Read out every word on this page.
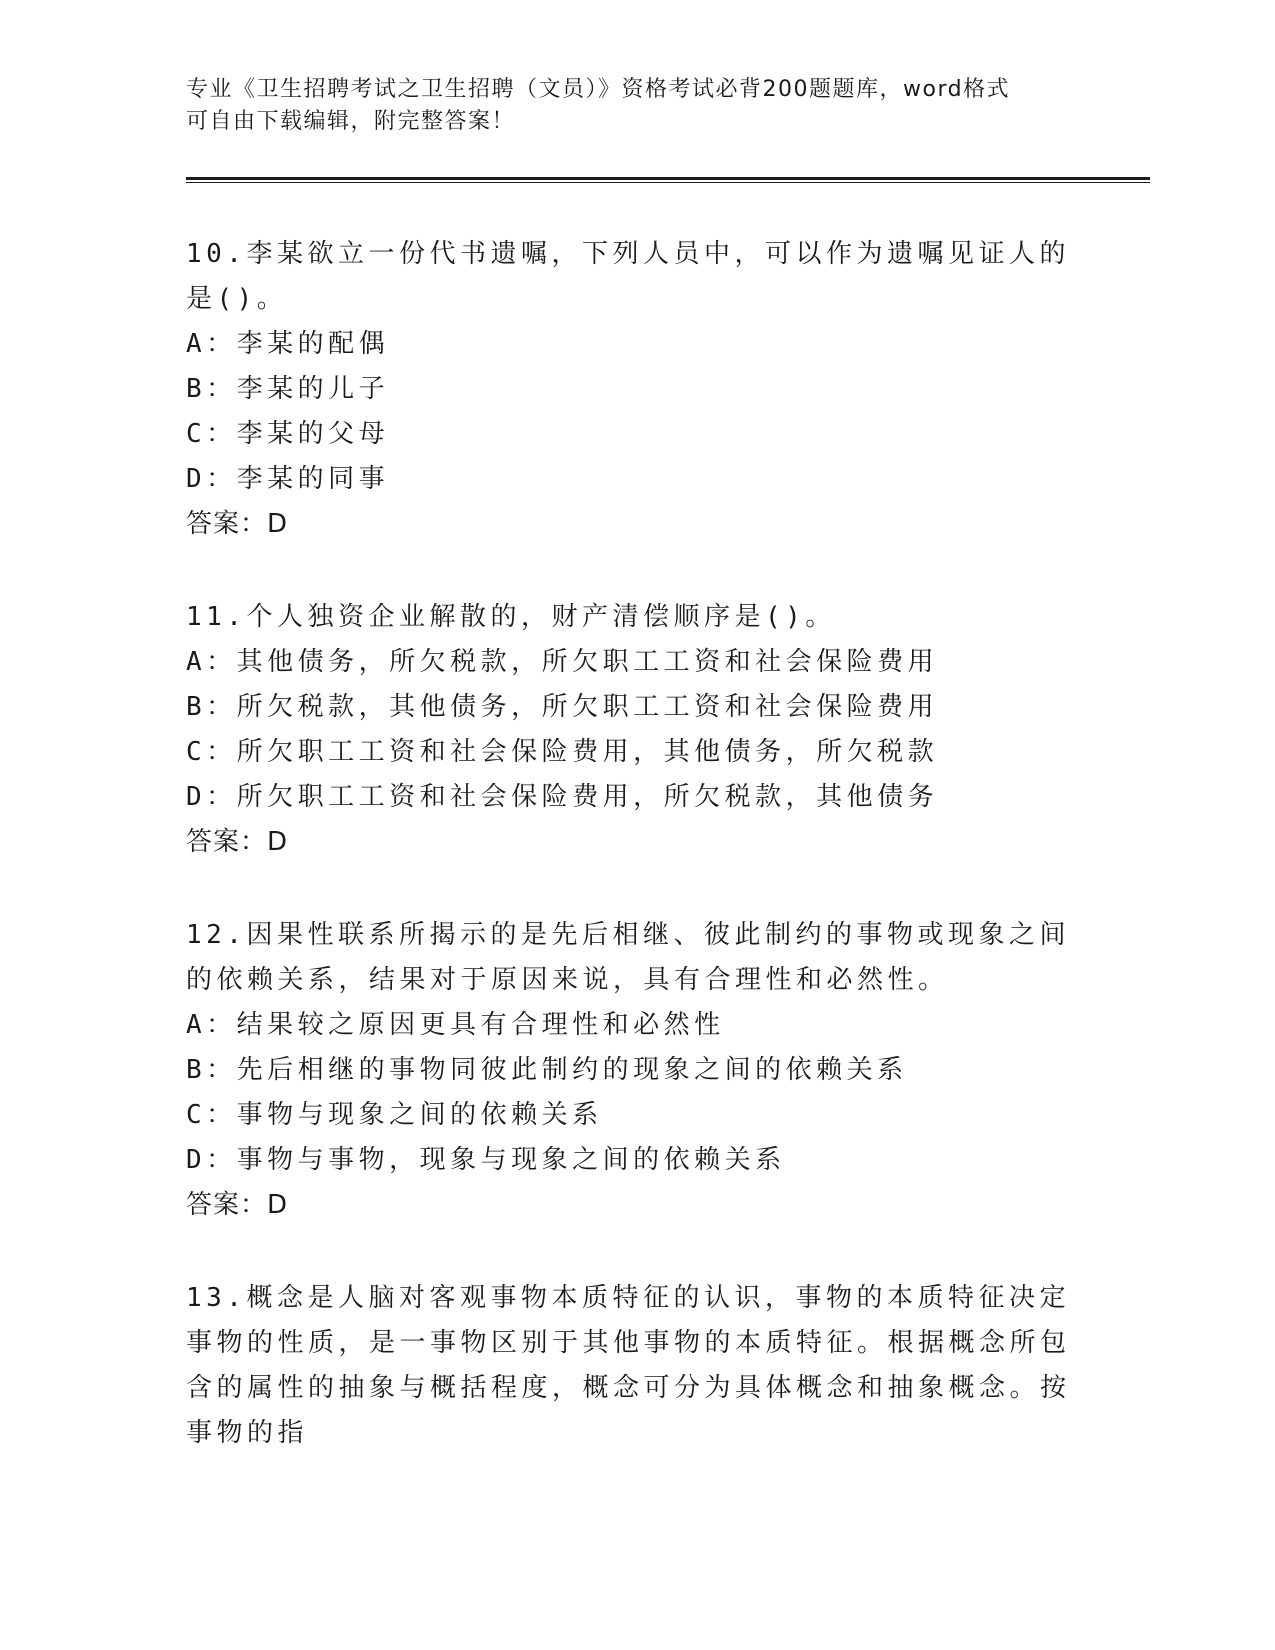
专业《卫生招聘考试之卫生招聘（文员）》资格考试必背200题题库，word格式
可自由下载编辑，附完整答案！
10.李某欲立一份代书遗嘱，下列人员中，可以作为遗嘱见证人的是()。
A：李某的配偶
B：李某的儿子
C：李某的父母
D：李某的同事
答案：D
11.个人独资企业解散的，财产清偿顺序是()。
A：其他债务，所欠税款，所欠职工工资和社会保险费用
B：所欠税款，其他债务，所欠职工工资和社会保险费用
C：所欠职工工资和社会保险费用，其他债务，所欠税款
D：所欠职工工资和社会保险费用，所欠税款，其他债务
答案：D
12.因果性联系所揭示的是先后相继、彼此制约的事物或现象之间的依赖关系，结果对于原因来说，具有合理性和必然性。
A：结果较之原因更具有合理性和必然性
B：先后相继的事物同彼此制约的现象之间的依赖关系
C：事物与现象之间的依赖关系
D：事物与事物，现象与现象之间的依赖关系
答案：D
13.概念是人脑对客观事物本质特征的认识，事物的本质特征决定事物的性质，是一事物区别于其他事物的本质特征。根据概念所包含的属性的抽象与概括程度，概念可分为具体概念和抽象概念。按事物的指
